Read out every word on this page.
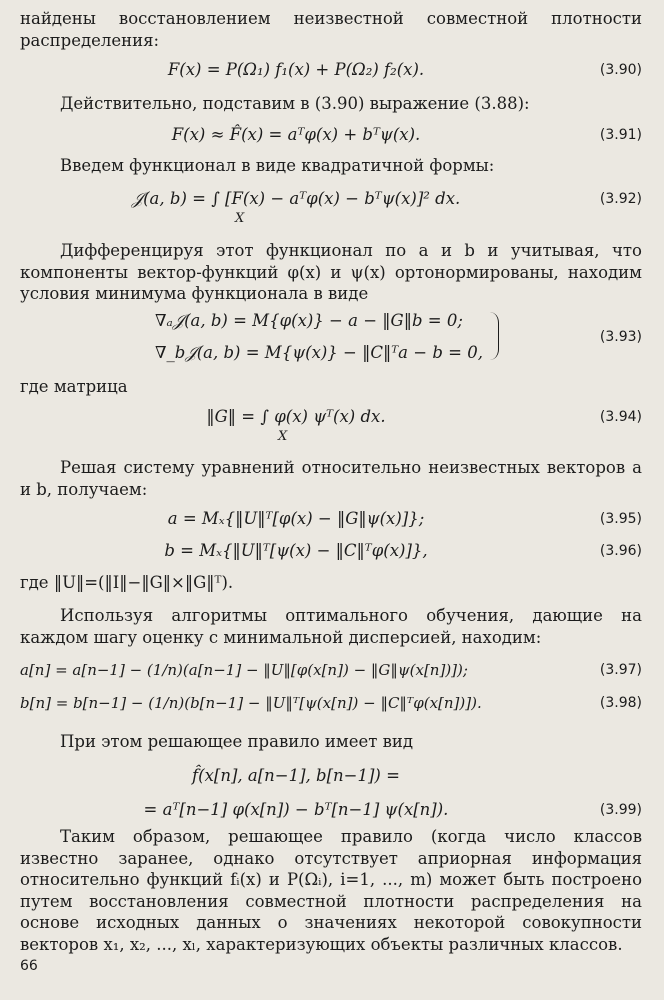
найдены восстановлением неизвестной совместной плотности распределения:

F(x) = P(Ω₁) f₁(x) + P(Ω₂) f₂(x).	(3.90)

Действительно, подставим в (3.90) выражение (3.88):

F(x) ≈ F̂(x) = aᵀφ(x) + bᵀψ(x).	(3.91)

Введем функционал в виде квадратичной формы:

𝒥(a, b) = ∫ [F(x) − aᵀφ(x) − bᵀψ(x)]² dx.
X
(3.92)

Дифференцируя этот функционал по a и b и учитывая, что компоненты вектор-функций φ(x) и ψ(x) ортонормированы, находим условия минимума функционала в виде

∇ₐ𝒥(a, b) = M{φ(x)} − a − ‖G‖b = 0;
∇_b𝒥(a, b) = M{ψ(x)} − ‖C‖ᵀa − b = 0,
(3.93)

где матрица

‖G‖ = ∫ φ(x) ψᵀ(x) dx.
X
(3.94)

Решая систему уравнений относительно неизвестных векторов a и b, получаем:

a = Mₓ{‖U‖ᵀ[φ(x) − ‖G‖ψ(x)]};	(3.95)
b = Mₓ{‖U‖ᵀ[ψ(x) − ‖C‖ᵀφ(x)]},	(3.96)

где ‖U‖=(‖I‖−‖G‖×‖G‖ᵀ).

Используя алгоритмы оптимального обучения, дающие на каждом шагу оценку с минимальной дисперсией, находим:

a[n] = a[n−1] − (1/n)(a[n−1] − ‖U‖[φ(x[n]) − ‖G‖ψ(x[n])]);	(3.97)
b[n] = b[n−1] − (1/n)(b[n−1] − ‖U‖ᵀ[ψ(x[n]) − ‖C‖ᵀφ(x[n])]).	(3.98)

При этом решающее правило имеет вид

f̂(x[n], a[n−1], b[n−1]) =
= aᵀ[n−1] φ(x[n]) − bᵀ[n−1] ψ(x[n]).	(3.99)

Таким образом, решающее правило (когда число классов известно заранее, однако отсутствует априорная информация относительно функций fᵢ(x) и P(Ωᵢ), i=1, ..., m) может быть построено путем восстановления совместной плотности распределения на основе исходных данных о значениях некоторой совокупности векторов x₁, x₂, ..., xₗ, характеризующих объекты различных классов.

66
